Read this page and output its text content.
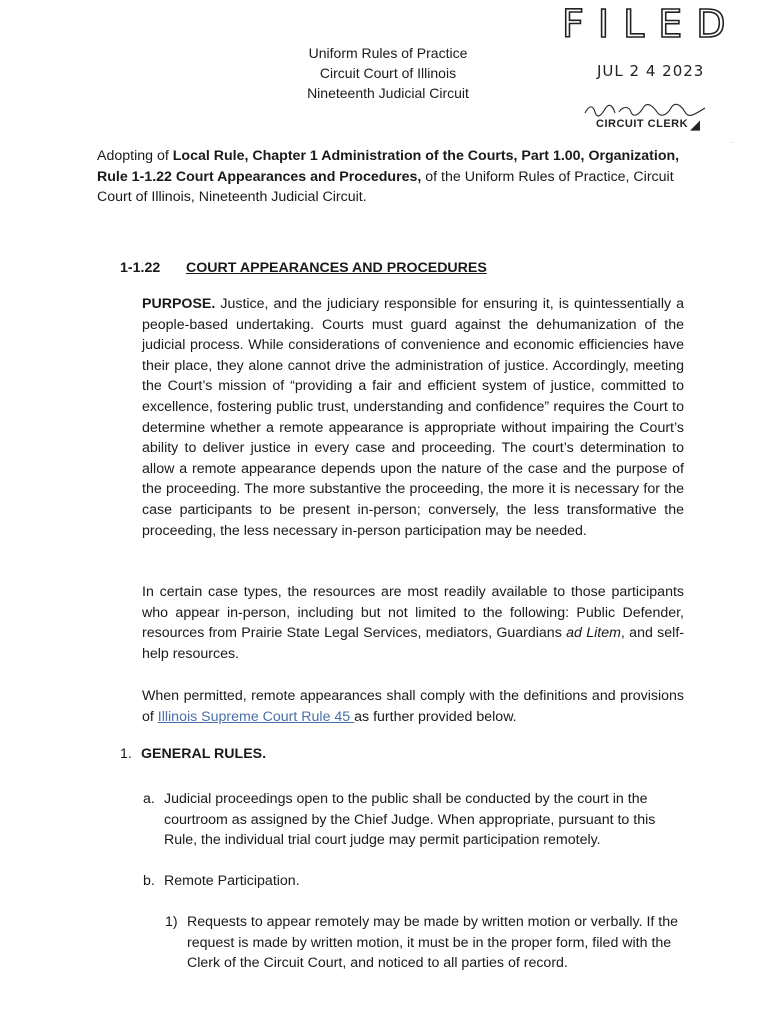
FILED
JUL 2 4 2023
CIRCUIT CLERK ◢
Uniform Rules of Practice
Circuit Court of Illinois
Nineteenth Judicial Circuit

Adopting of Local Rule, Chapter 1 Administration of the Courts, Part 1.00, Organization, Rule 1-1.22 Court Appearances and Procedures, of the Uniform Rules of Practice, Circuit Court of Illinois, Nineteenth Judicial Circuit.

1-1.22 COURT APPEARANCES AND PROCEDURES

PURPOSE. Justice, and the judiciary responsible for ensuring it, is quintessentially a people-based undertaking. Courts must guard against the dehumanization of the judicial process. While considerations of convenience and economic efficiencies have their place, they alone cannot drive the administration of justice. Accordingly, meeting the Court’s mission of “providing a fair and efficient system of justice, committed to excellence, fostering public trust, understanding and confidence” requires the Court to determine whether a remote appearance is appropriate without impairing the Court’s ability to deliver justice in every case and proceeding. The court’s determination to allow a remote appearance depends upon the nature of the case and the purpose of the proceeding. The more substantive the proceeding, the more it is necessary for the case participants to be present in-person; conversely, the less transformative the proceeding, the less necessary in-person participation may be needed.

In certain case types, the resources are most readily available to those participants who appear in-person, including but not limited to the following: Public Defender, resources from Prairie State Legal Services, mediators, Guardians ad Litem, and self-help resources.

When permitted, remote appearances shall comply with the definitions and provisions of Illinois Supreme Court Rule 45 as further provided below.

1. GENERAL RULES.
a. Judicial proceedings open to the public shall be conducted by the court in the courtroom as assigned by the Chief Judge. When appropriate, pursuant to this Rule, the individual trial court judge may permit participation remotely.

b. Remote Participation.

1) Requests to appear remotely may be made by written motion or verbally. If the request is made by written motion, it must be in the proper form, filed with the Clerk of the Circuit Court, and noticed to all parties of record.

·
